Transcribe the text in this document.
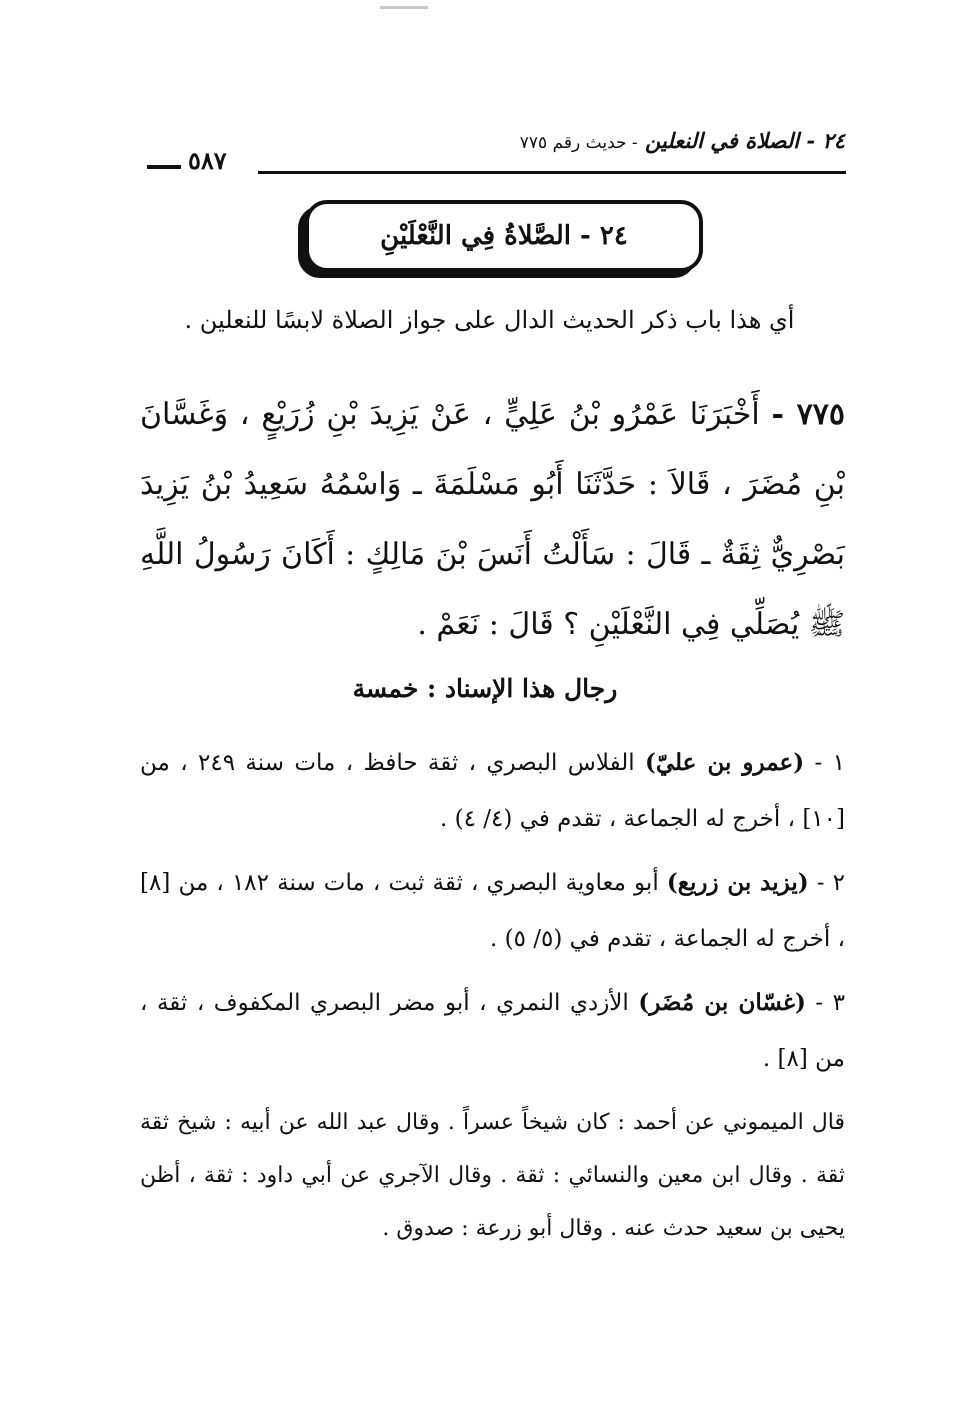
٢٤ - الصلاة في النعلين - حديث رقم ٧٧٥
٥٨٧
٢٤ - الصَّلاةُ فِي النَّعْلَيْنِ
أي هذا باب ذكر الحديث الدال على جواز الصلاة لابسًا للنعلين .
٧٧٥ - أَخْبَرَنَا عَمْرُو بْنُ عَلِيٍّ ، عَنْ يَزِيدَ بْنِ زُرَيْعٍ ، وَغَسَّانَ بْنِ مُضَرَ ، قَالاَ : حَدَّثَنَا أَبُو مَسْلَمَةَ ـ وَاسْمُهُ سَعِيدُ بْنُ يَزِيدَ بَصْرِيٌّ ثِقَةٌ ـ قَالَ : سَأَلْتُ أَنَسَ بْنَ مَالِكٍ : أَكَانَ رَسُولُ اللَّهِ ﷺ يُصَلِّي فِي النَّعْلَيْنِ ؟ قَالَ : نَعَمْ .
رجال هذا الإسناد : خمسة
١ - (عمرو بن عليّ) الفلاس البصري ، ثقة حافظ ، مات سنة ٢٤٩ ، من [١٠] ، أخرج له الجماعة ، تقدم في (٤/ ٤) .
٢ - (يزيد بن زريع) أبو معاوية البصري ، ثقة ثبت ، مات سنة ١٨٢ ، من [٨] ، أخرج له الجماعة ، تقدم في (٥/ ٥) .
٣ - (غسّان بن مُضَر) الأزدي النمري ، أبو مضر البصري المكفوف ، ثقة ، من [٨] .
قال الميموني عن أحمد : كان شيخاً عسراً . وقال عبد الله عن أبيه : شيخ ثقة ثقة . وقال ابن معين والنسائي : ثقة . وقال الآجري عن أبي داود : ثقة ، أظن يحيى بن سعيد حدث عنه . وقال أبو زرعة : صدوق .
